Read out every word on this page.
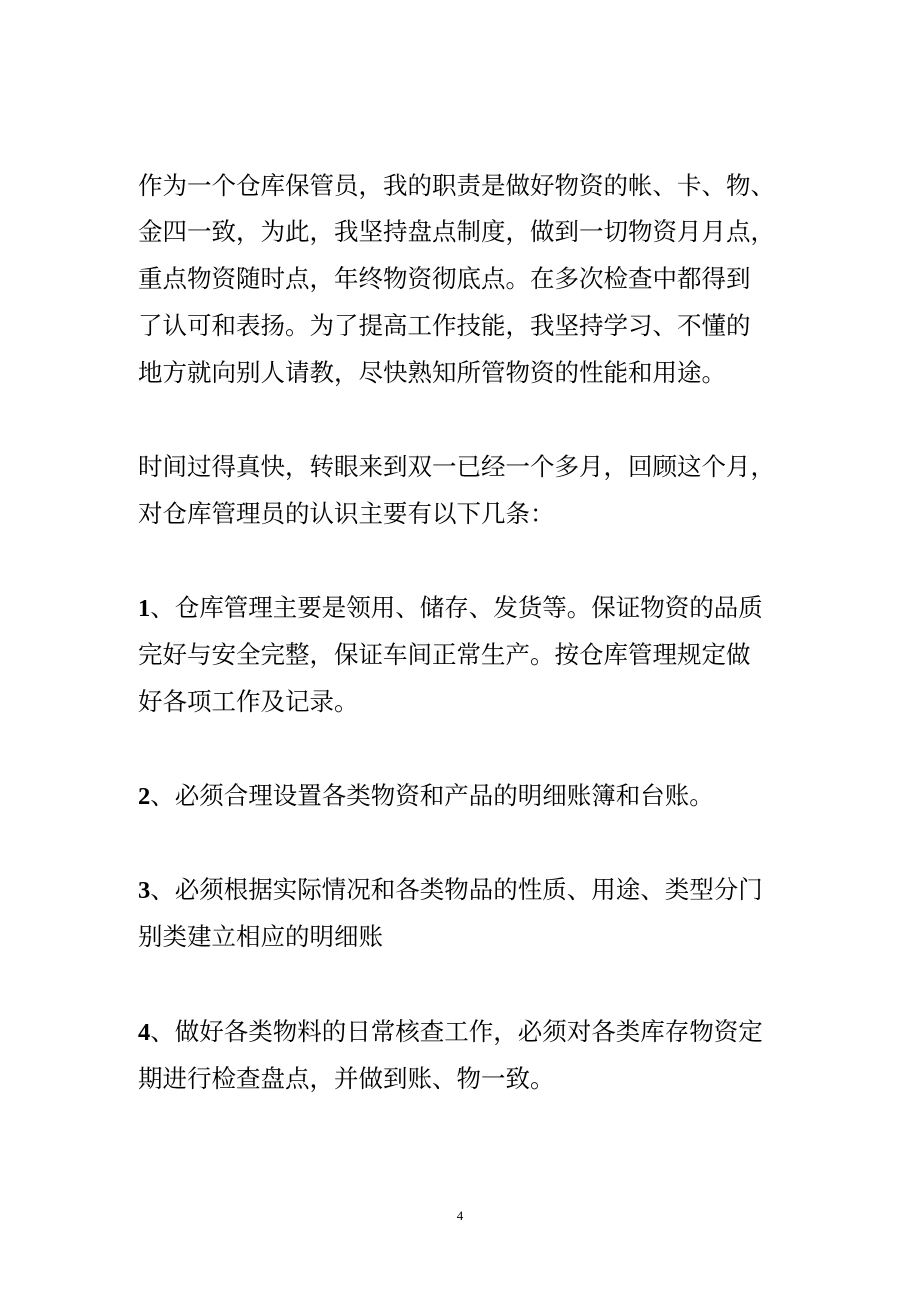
作为一个仓库保管员，我的职责是做好物资的帐、卡、物、
金四一致，为此，我坚持盘点制度，做到一切物资月月点，
重点物资随时点，年终物资彻底点。在多次检查中都得到
了认可和表扬。为了提高工作技能，我坚持学习、不懂的
地方就向别人请教，尽快熟知所管物资的性能和用途。
时间过得真快，转眼来到双一已经一个多月，回顾这个月，
对仓库管理员的认识主要有以下几条：
1、仓库管理主要是领用、储存、发货等。保证物资的品质
完好与安全完整，保证车间正常生产。按仓库管理规定做
好各项工作及记录。
2、必须合理设置各类物资和产品的明细账簿和台账。
3、必须根据实际情况和各类物品的性质、用途、类型分门
别类建立相应的明细账
4、做好各类物料的日常核查工作，必须对各类库存物资定
期进行检查盘点，并做到账、物一致。
4
